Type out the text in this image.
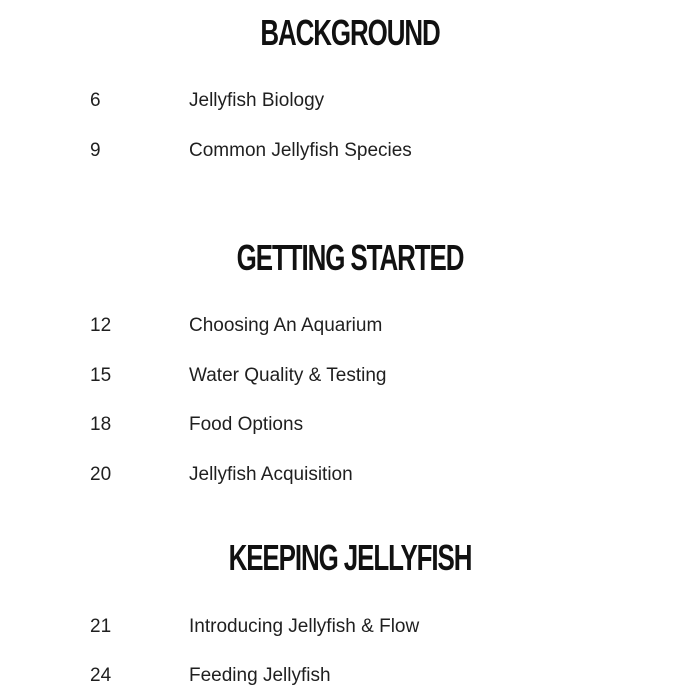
BACKGROUND
6	Jellyfish Biology
9	Common Jellyfish Species
GETTING STARTED
12	Choosing An Aquarium
15	Water Quality & Testing
18	Food Options
20	Jellyfish Acquisition
KEEPING JELLYFISH
21	Introducing Jellyfish & Flow
24	Feeding Jellyfish
